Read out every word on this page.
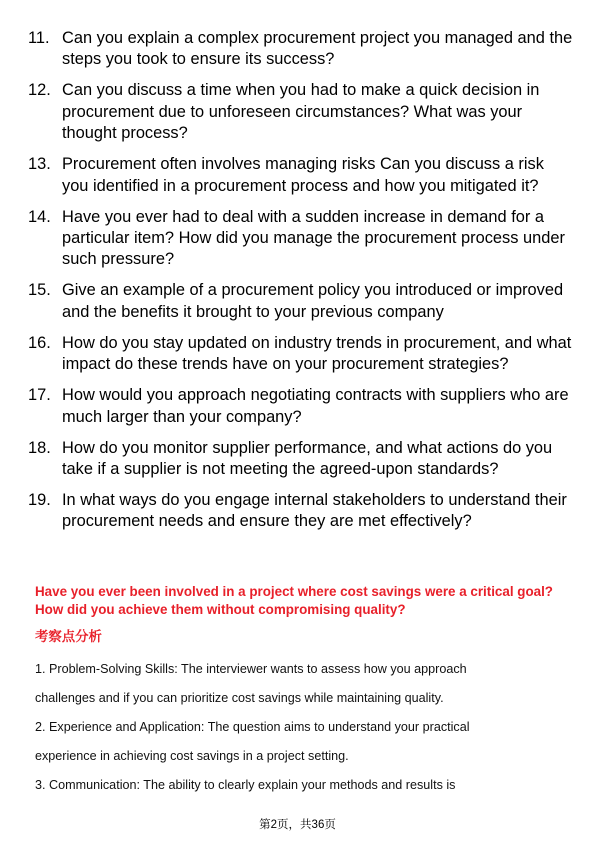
11. Can you explain a complex procurement project you managed and the steps you took to ensure its success?
12. Can you discuss a time when you had to make a quick decision in procurement due to unforeseen circumstances? What was your thought process?
13. Procurement often involves managing risks Can you discuss a risk you identified in a procurement process and how you mitigated it?
14. Have you ever had to deal with a sudden increase in demand for a particular item? How did you manage the procurement process under such pressure?
15. Give an example of a procurement policy you introduced or improved and the benefits it brought to your previous company
16. How do you stay updated on industry trends in procurement, and what impact do these trends have on your procurement strategies?
17. How would you approach negotiating contracts with suppliers who are much larger than your company?
18. How do you monitor supplier performance, and what actions do you take if a supplier is not meeting the agreed-upon standards?
19. In what ways do you engage internal stakeholders to understand their procurement needs and ensure they are met effectively?
Have you ever been involved in a project where cost savings were a critical goal? How did you achieve them without compromising quality?
考察点分析

1. Problem-Solving Skills: The interviewer wants to assess how you approach

challenges and if you can prioritize cost savings while maintaining quality.

2. Experience and Application: The question aims to understand your practical

experience in achieving cost savings in a project setting.

3. Communication: The ability to clearly explain your methods and results is

第2页，共36页
